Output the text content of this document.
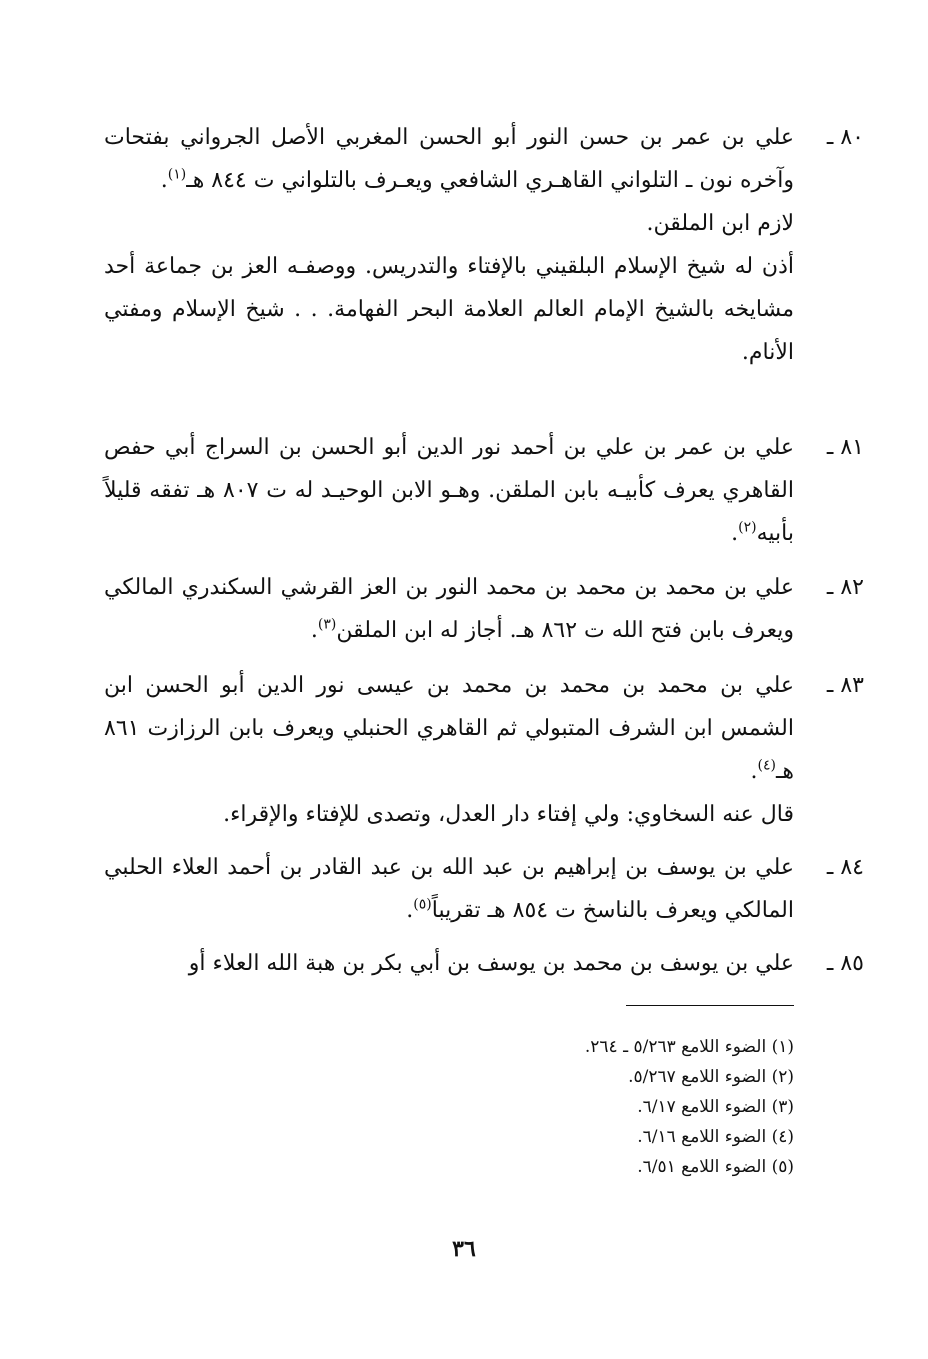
٨٠ ـ

علي بن عمر بن حسن النور أبو الحسن المغربي الأصل الجرواني بفتحات وآخره نون ـ التلواني القاهـري الشافعي ويعـرف بالتلواني ت ٨٤٤ هـ$^{(١)}$.

لازم ابن الملقن.

أذن له شيخ الإسلام البلقيني بالإفتاء والتدريس. ووصفـه العز بن جماعة أحد مشايخه بالشيخ الإمام العالم العلامة البحر الفهامة. . . شيخ الإسلام ومفتي الأنام.

٨١ ـ

علي بن عمر بن علي بن أحمد نور الدين أبو الحسن بن السراج أبي حفص القاهري يعرف كأبيـه بابن الملقن. وهـو الابن الوحيـد له ت ٨٠٧ هـ تفقه قليلاً بأبيه$^{(٢)}$.

٨٢ ـ

علي بن محمد بن محمد بن محمد النور بن العز القرشي السكندري المالكي ويعرف بابن فتح الله ت ٨٦٢ هـ. أجاز له ابن الملقن$^{(٣)}$.

٨٣ ـ

علي بن محمد بن محمد بن محمد بن عيسى نور الدين أبو الحسن ابن الشمس ابن الشرف المتبولي ثم القاهري الحنبلي ويعرف بابن الرزازت ٨٦١ هـ$^{(٤)}$.

قال عنه السخاوي: ولي إفتاء دار العدل، وتصدى للإفتاء والإقراء.

٨٤ ـ

علي بن يوسف بن إبراهيم بن عبد الله بن عبد القادر بن أحمد العلاء الحلبي المالكي ويعرف بالناسخ ت ٨٥٤ هـ تقريباً$^{(٥)}$.

٨٥ ـ

علي بن يوسف بن محمد بن يوسف بن أبي بكر بن هبة الله العلاء أو

(١) الضوء اللامع ٥/٢٦٣ ـ ٢٦٤.
(٢) الضوء اللامع ٥/٢٦٧.
(٣) الضوء اللامع ٦/١٧.
(٤) الضوء اللامع ٦/١٦.
(٥) الضوء اللامع ٦/٥١.
٣٦
